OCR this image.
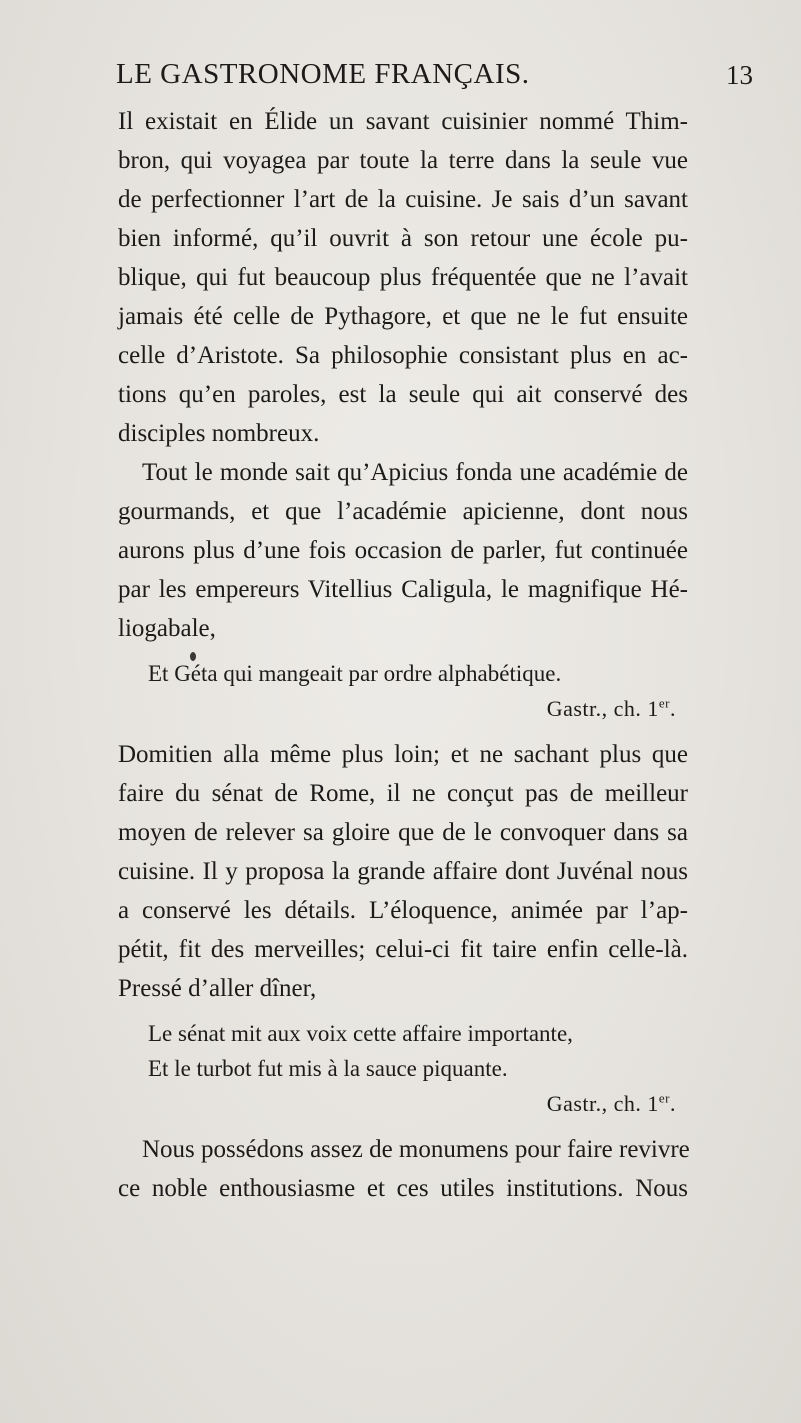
LE GASTRONOME FRANÇAIS.	13
Il existait en Élide un savant cuisinier nommé Thim-
bron, qui voyagea par toute la terre dans la seule vue
de perfectionner l’art de la cuisine. Je sais d’un savant
bien informé, qu’il ouvrit à son retour une école pu-
blique, qui fut beaucoup plus fréquentée que ne l’avait
jamais été celle de Pythagore, et que ne le fut ensuite
celle d’Aristote. Sa philosophie consistant plus en ac-
tions qu’en paroles, est la seule qui ait conservé des
disciples nombreux.
Tout le monde sait qu’Apicius fonda une académie de
gourmands, et que l’académie apicienne, dont nous
aurons plus d’une fois occasion de parler, fut continuée
par les empereurs Vitellius Caligula, le magnifique Hé-
liogabale,
Et Géta qui mangeait par ordre alphabétique.
Gastr., ch. 1er.
Domitien alla même plus loin; et ne sachant plus que
faire du sénat de Rome, il ne conçut pas de meilleur
moyen de relever sa gloire que de le convoquer dans sa
cuisine. Il y proposa la grande affaire dont Juvénal nous
a conservé les détails. L’éloquence, animée par l’ap-
pétit, fit des merveilles; celui-ci fit taire enfin celle-là.
Pressé d’aller dîner,
Le sénat mit aux voix cette affaire importante,
Et le turbot fut mis à la sauce piquante.
Gastr., ch. 1er.
Nous possédons assez de monumens pour faire revivre
ce noble enthousiasme et ces utiles institutions. Nous
